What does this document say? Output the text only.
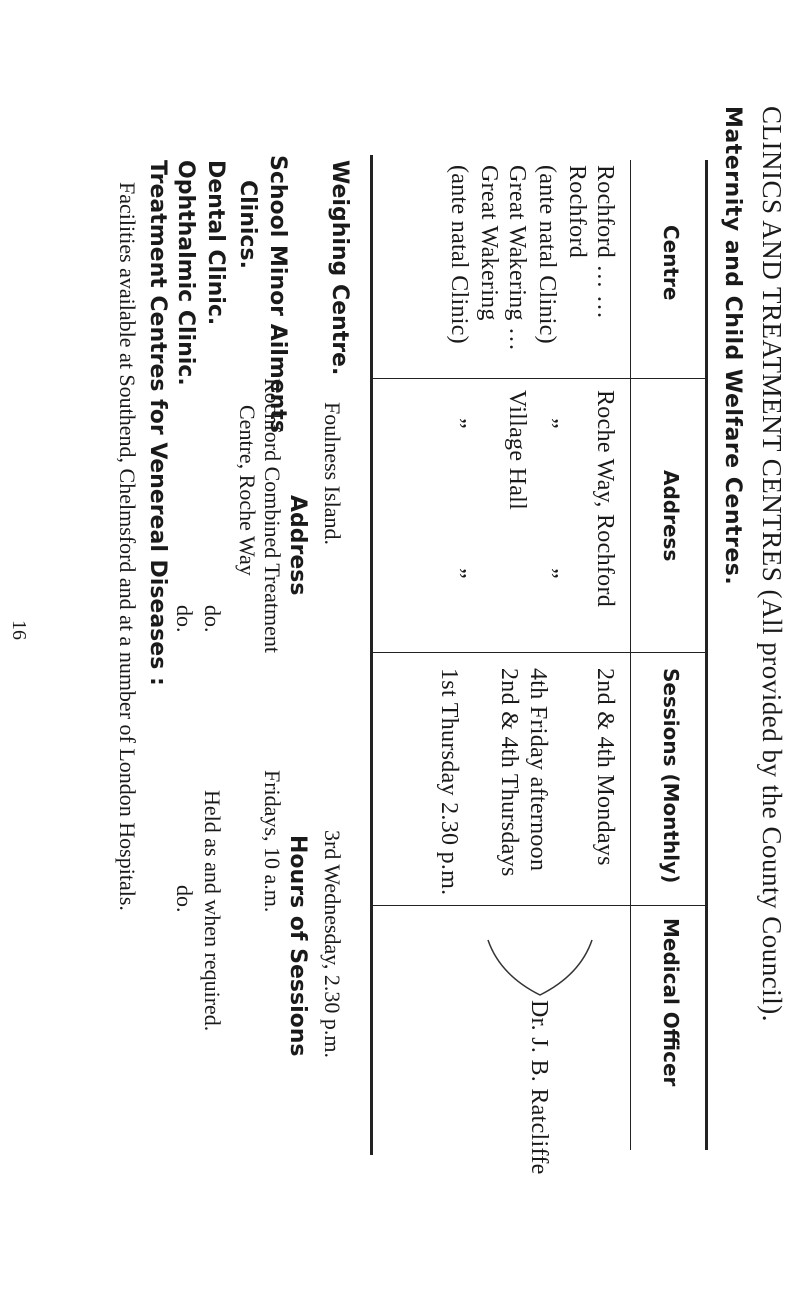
16	CLINICS AND TREATMENT CENTRES (All provided by the County Council).
Maternity and Child Welfare Centres.
Centre
Address
Sessions (Monthly)
Medical Officer
Rochford … …
Roche Way, Rochford
2nd & 4th Mondays
Rochford
(ante natal Clinic)
”
”
4th Friday afternoon
Great Wakering …
Village Hall
2nd & 4th Thursdays
Great Wakering
(ante natal Clinic)
”
”
1st Thursday 2.30 p.m.
Dr. J. B. Ratcliffe
Weighing Centre.
Foulness Island.
3rd Wednesday, 2.30 p.m.
Address
Hours of Sessions
School Minor Ailments
Clinics.
Rochford Combined Treatment
Centre, Roche Way
Fridays, 10 a.m.
Dental Clinic.
do.
Held as and when required.
Ophthalmic Clinic.
do.
do.
Treatment Centres for Venereal Diseases :
Facilities available at Southend, Chelmsford and at a number of London Hospitals.
